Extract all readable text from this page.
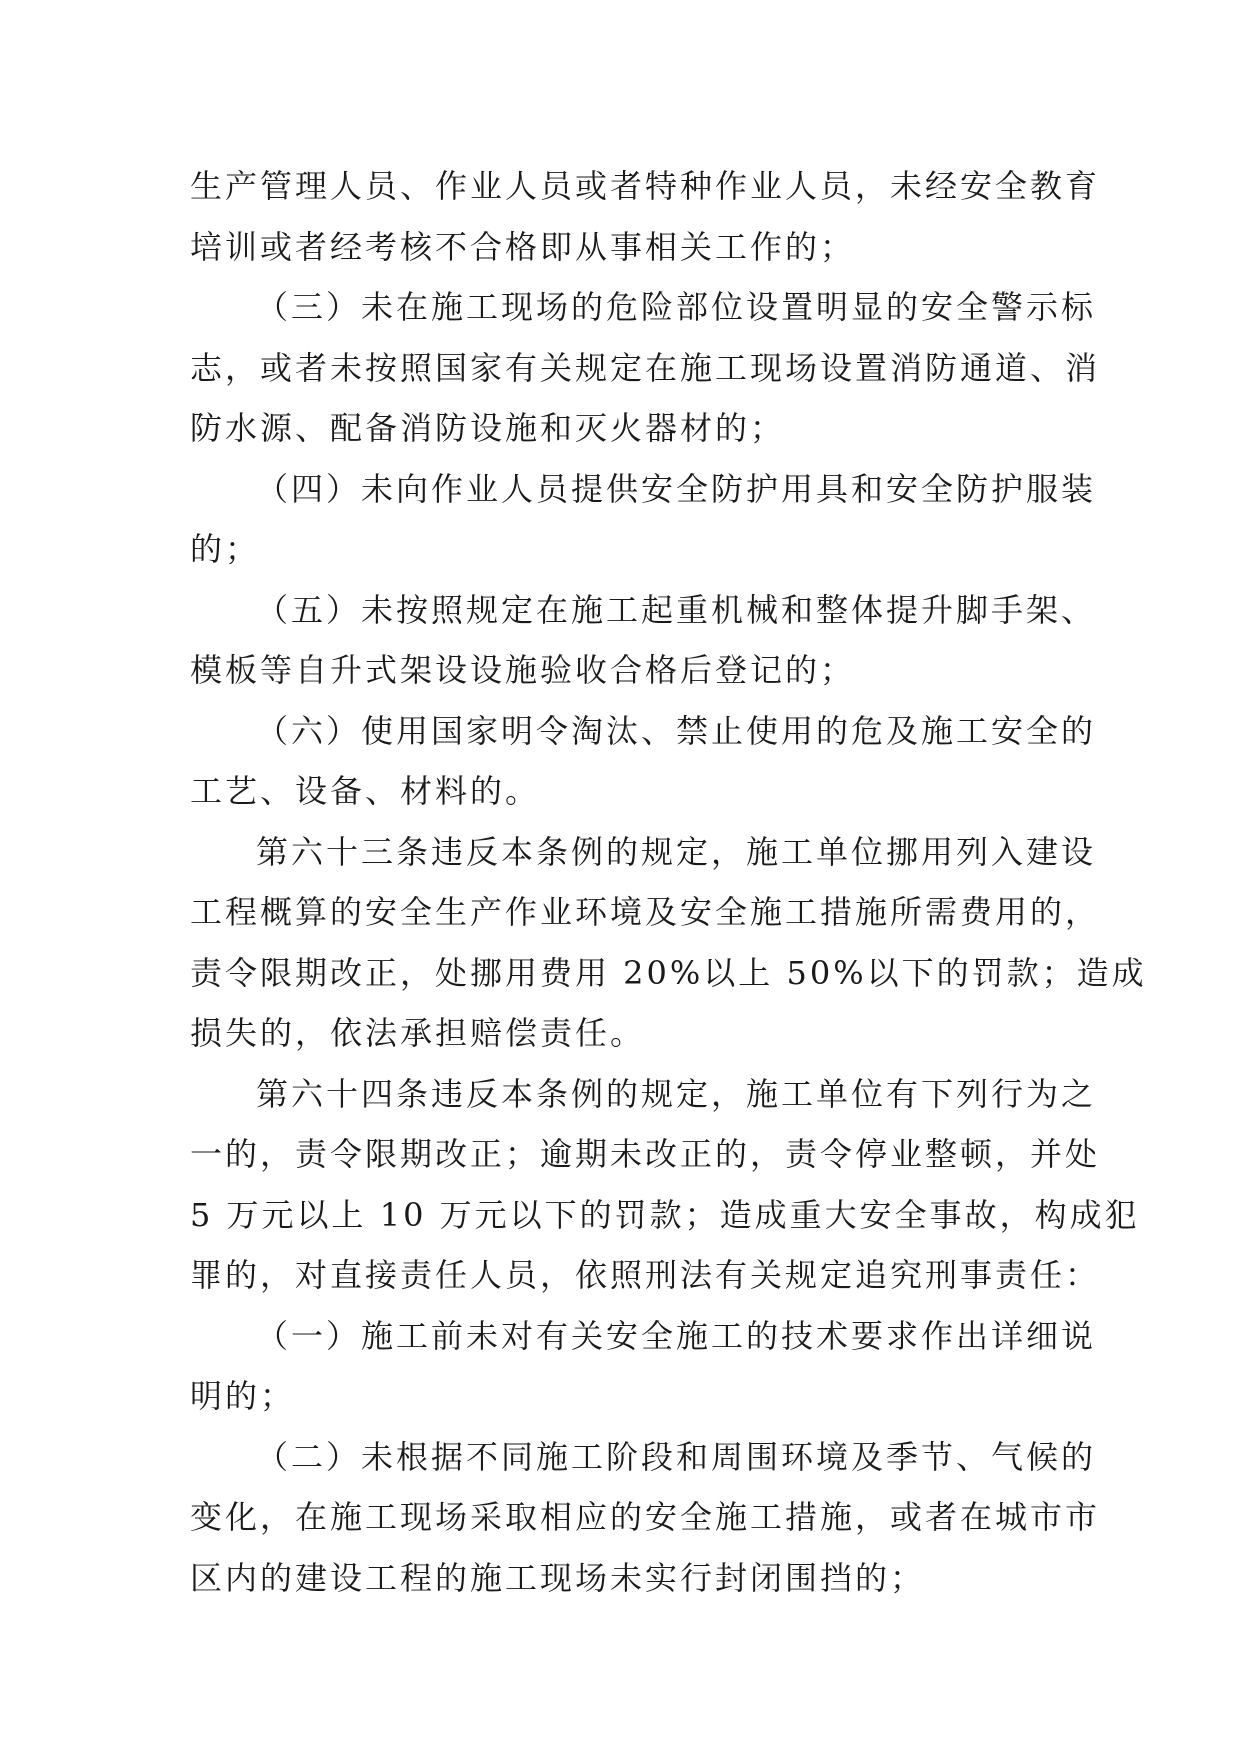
生产管理人员、作业人员或者特种作业人员，未经安全教育
培训或者经考核不合格即从事相关工作的；
（三）未在施工现场的危险部位设置明显的安全警示标
志，或者未按照国家有关规定在施工现场设置消防通道、消
防水源、配备消防设施和灭火器材的；
（四）未向作业人员提供安全防护用具和安全防护服装
的；
（五）未按照规定在施工起重机械和整体提升脚手架、
模板等自升式架设设施验收合格后登记的；
（六）使用国家明令淘汰、禁止使用的危及施工安全的
工艺、设备、材料的。
第六十三条违反本条例的规定，施工单位挪用列入建设
工程概算的安全生产作业环境及安全施工措施所需费用的，
责令限期改正，处挪用费用 20%以上 50%以下的罚款；造成
损失的，依法承担赔偿责任。
第六十四条违反本条例的规定，施工单位有下列行为之
一的，责令限期改正；逾期未改正的，责令停业整顿，并处
5 万元以上 10 万元以下的罚款；造成重大安全事故，构成犯
罪的，对直接责任人员，依照刑法有关规定追究刑事责任：
（一）施工前未对有关安全施工的技术要求作出详细说
明的；
（二）未根据不同施工阶段和周围环境及季节、气候的
变化，在施工现场采取相应的安全施工措施，或者在城市市
区内的建设工程的施工现场未实行封闭围挡的；
